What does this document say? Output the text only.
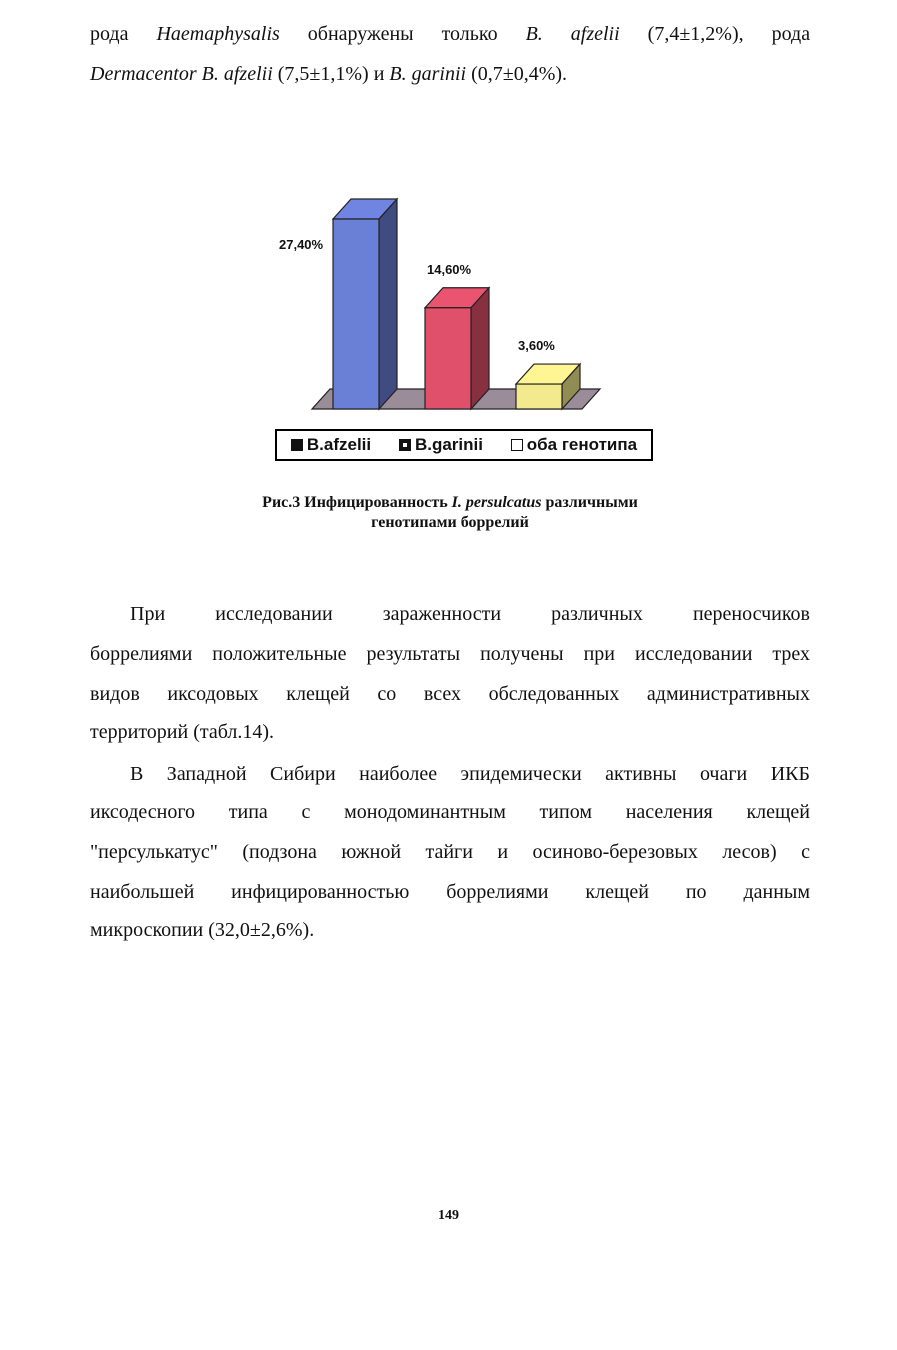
рода Haemaphysalis обнаружены только B. afzelii (7,4±1,2%), рода
Dermacentor B. afzelii (7,5±1,1%) и B. garinii (0,7±0,4%).
27,40%
14,60%
3,60%
B.afzelii	B.garinii	оба генотипа
Рис.3 Инфицированность I. persulcatus различными
генотипами боррелий
При исследовании зараженности различных переносчиков
боррелиями положительные результаты получены при исследовании трех
видов иксодовых клещей со всех обследованных административных
территорий (табл.14).
В Западной Сибири наиболее эпидемически активны очаги ИКБ
иксодесного типа с монодоминантным типом населения клещей
"персулькатус" (подзона южной тайги и осиново-березовых лесов) с
наибольшей инфицированностью боррелиями клещей по данным
микроскопии (32,0±2,6%).
149
